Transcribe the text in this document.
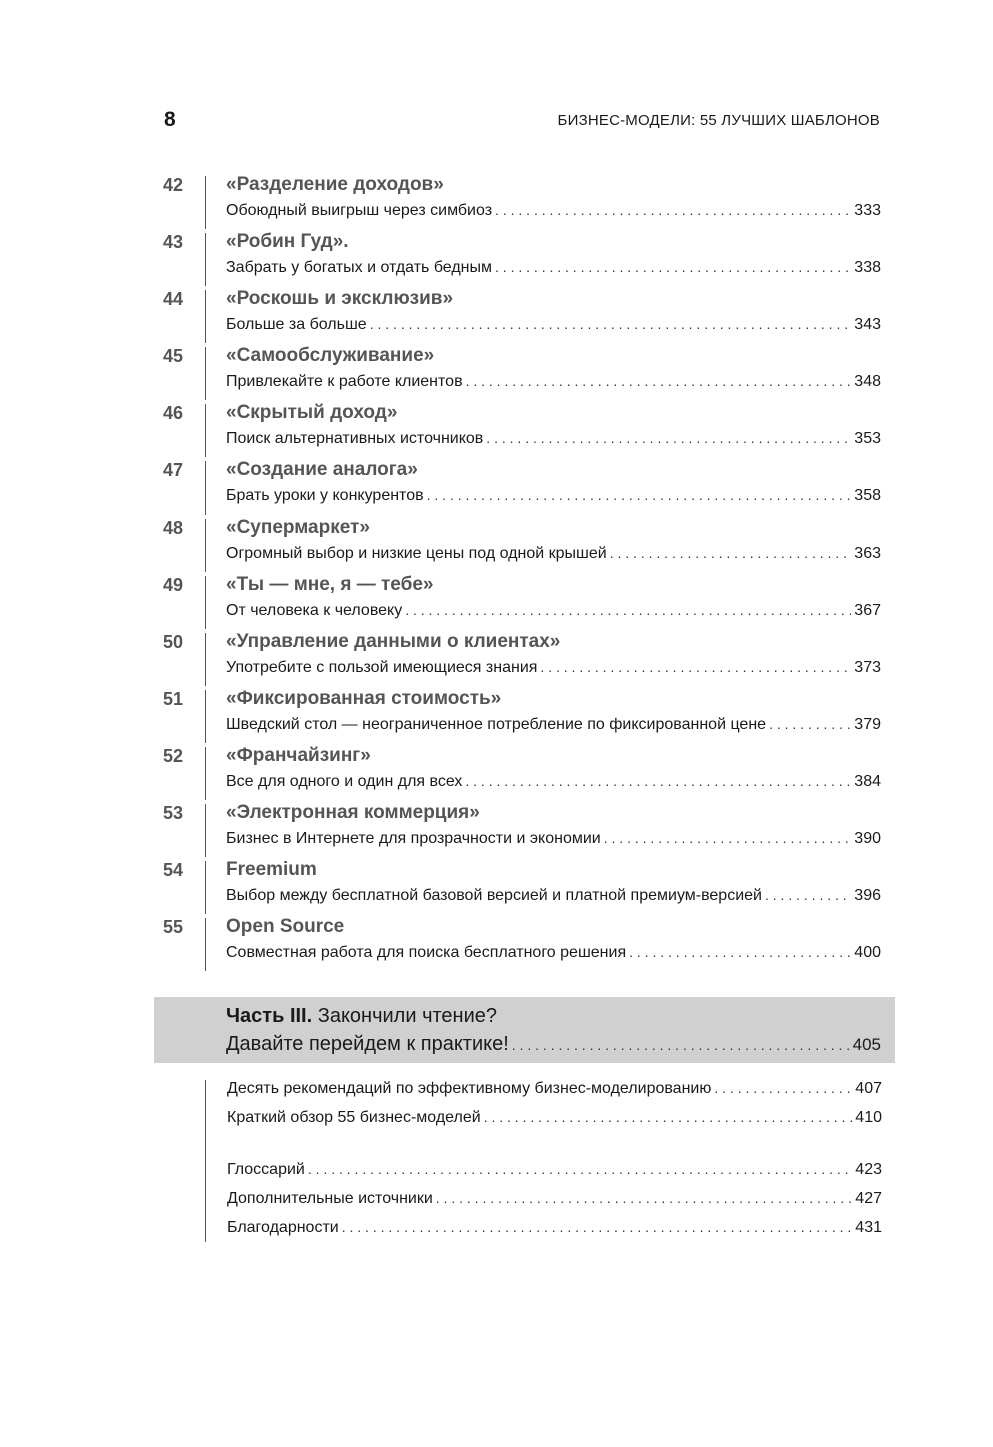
8	БИЗНЕС-МОДЕЛИ: 55 ЛУЧШИХ ШАБЛОНОВ
42	«Разделение доходов»
Обоюдный выигрыш через симбиоз . . .	333
43	«Робин Гуд».
Забрать у богатых и отдать бедным . . .	338
44	«Роскошь и эксклюзив»
Больше за больше . . .	343
45	«Самообслуживание»
Привлекайте к работе клиентов . . .	348
46	«Скрытый доход»
Поиск альтернативных источников . . .	353
47	«Создание аналога»
Брать уроки у конкурентов . . .	358
48	«Супермаркет»
Огромный выбор и низкие цены под одной крышей . . .	363
49	«Ты — мне, я — тебе»
От человека к человеку . . .	367
50	«Управление данными о клиентах»
Употребите с пользой имеющиеся знания . . .	373
51	«Фиксированная стоимость»
Шведский стол — неограниченное потребление по фиксированной цене . . .	379
52	«Франчайзинг»
Все для одного и один для всех . . .	384
53	«Электронная коммерция»
Бизнес в Интернете для прозрачности и экономии . . .	390
54	Freemium
Выбор между бесплатной базовой версией и платной премиум-версией . . .	396
55	Open Source
Совместная работа для поиска бесплатного решения . . .	400
Часть III. Закончили чтение?
Давайте перейдем к практике! . . .	405
Десять рекомендаций по эффективному бизнес-моделированию . . .	407
Краткий обзор 55 бизнес-моделей . . .	410
Глоссарий . . .	423
Дополнительные источники . . .	427
Благодарности . . .	431
